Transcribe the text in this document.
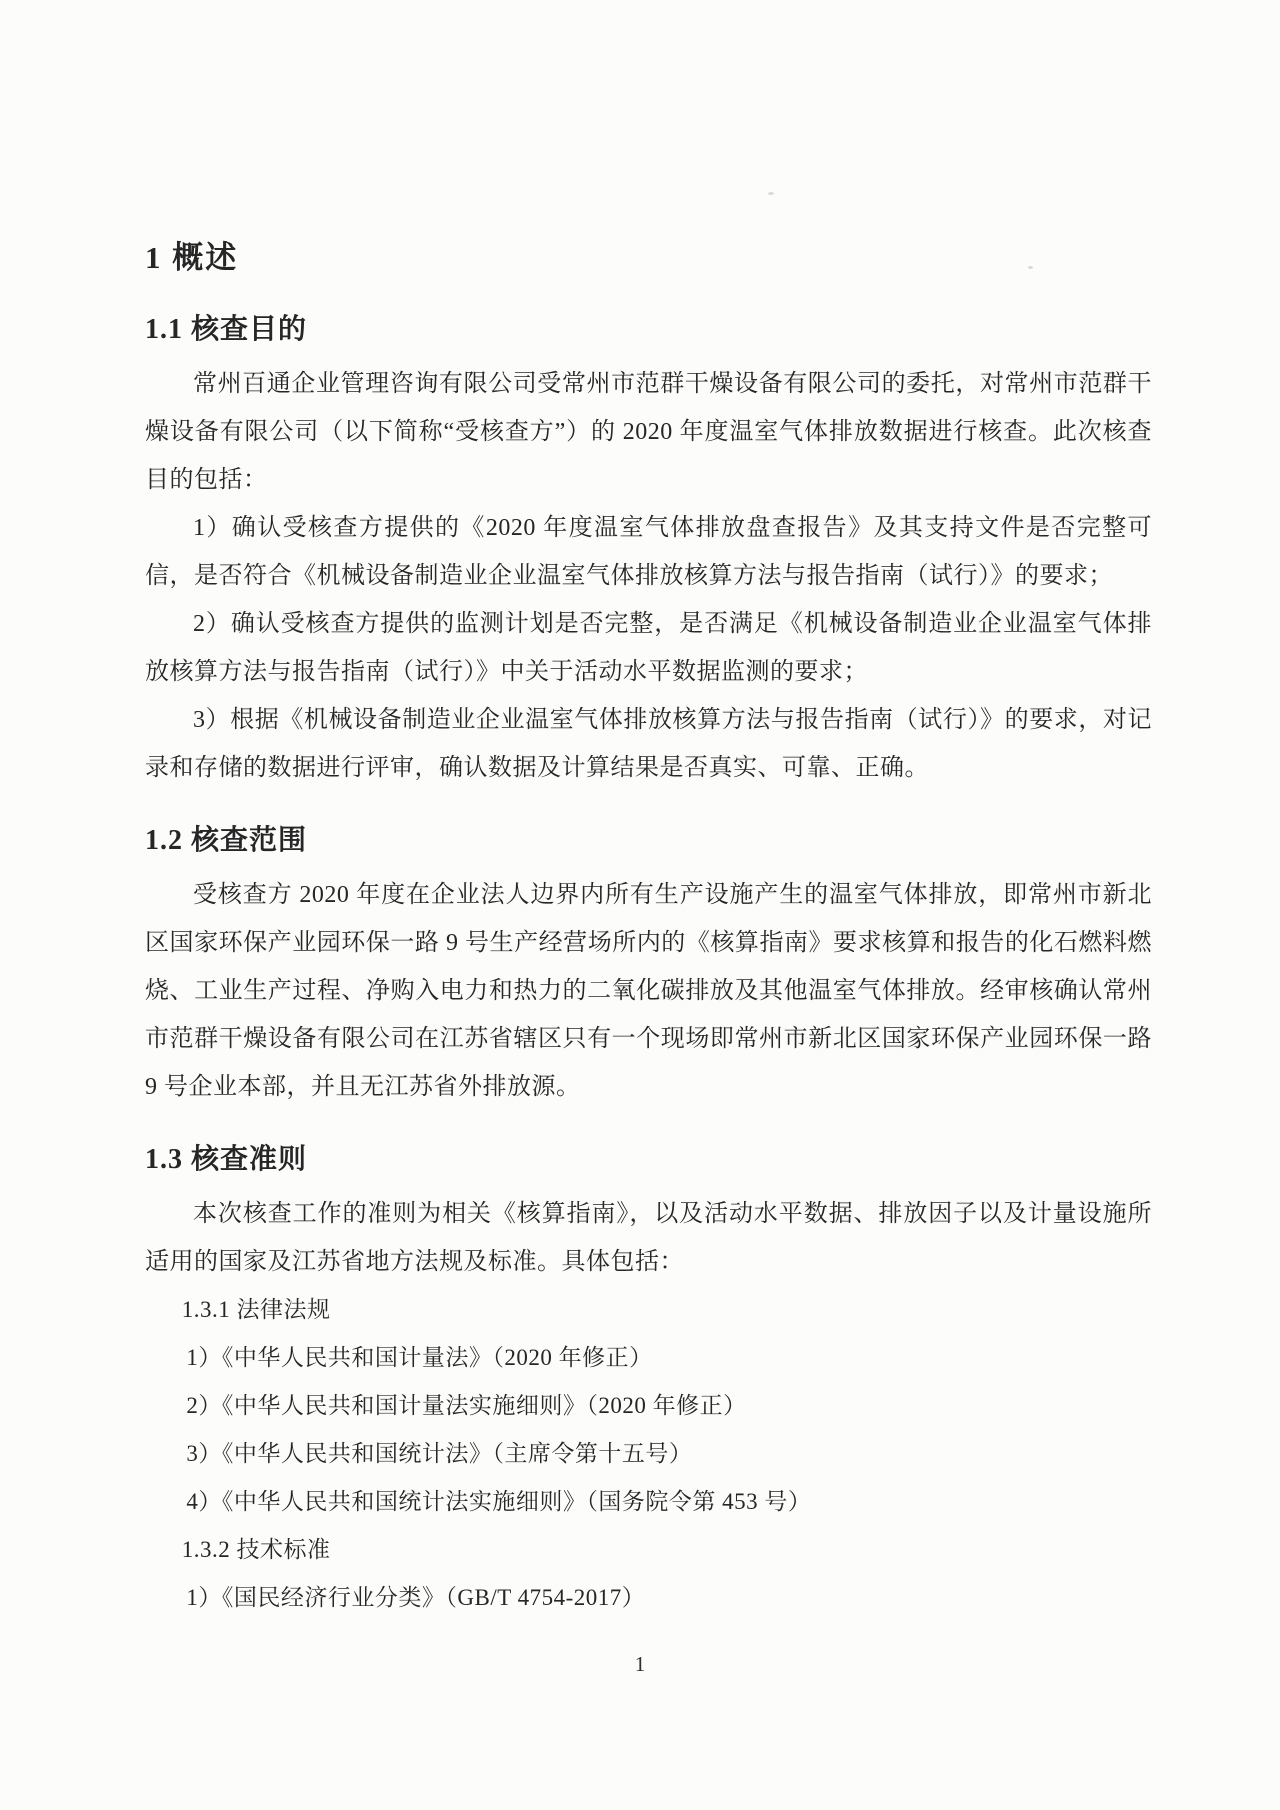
1 概述
1.1 核查目的

常州百通企业管理咨询有限公司受常州市范群干燥设备有限公司的委托，对常州市范群干燥设备有限公司（以下简称“受核查方”）的 2020 年度温室气体排放数据进行核查。此次核查目的包括：

1）确认受核查方提供的《2020 年度温室气体排放盘查报告》及其支持文件是否完整可信，是否符合《机械设备制造业企业温室气体排放核算方法与报告指南（试行）》的要求；

2）确认受核查方提供的监测计划是否完整，是否满足《机械设备制造业企业温室气体排放核算方法与报告指南（试行）》中关于活动水平数据监测的要求；

3）根据《机械设备制造业企业温室气体排放核算方法与报告指南（试行）》的要求，对记录和存储的数据进行评审，确认数据及计算结果是否真实、可靠、正确。

1.2 核查范围

受核查方 2020 年度在企业法人边界内所有生产设施产生的温室气体排放，即常州市新北区国家环保产业园环保一路 9 号生产经营场所内的《核算指南》要求核算和报告的化石燃料燃烧、工业生产过程、净购入电力和热力的二氧化碳排放及其他温室气体排放。经审核确认常州市范群干燥设备有限公司在江苏省辖区只有一个现场即常州市新北区国家环保产业园环保一路 9 号企业本部，并且无江苏省外排放源。

1.3 核查准则

本次核查工作的准则为相关《核算指南》，以及活动水平数据、排放因子以及计量设施所适用的国家及江苏省地方法规及标准。具体包括：

1.3.1 法律法规

1）《中华人民共和国计量法》（2020 年修正）

2）《中华人民共和国计量法实施细则》（2020 年修正）

3）《中华人民共和国统计法》（主席令第十五号）

4）《中华人民共和国统计法实施细则》（国务院令第 453 号）

1.3.2 技术标准

1）《国民经济行业分类》（GB/T 4754-2017）

1
